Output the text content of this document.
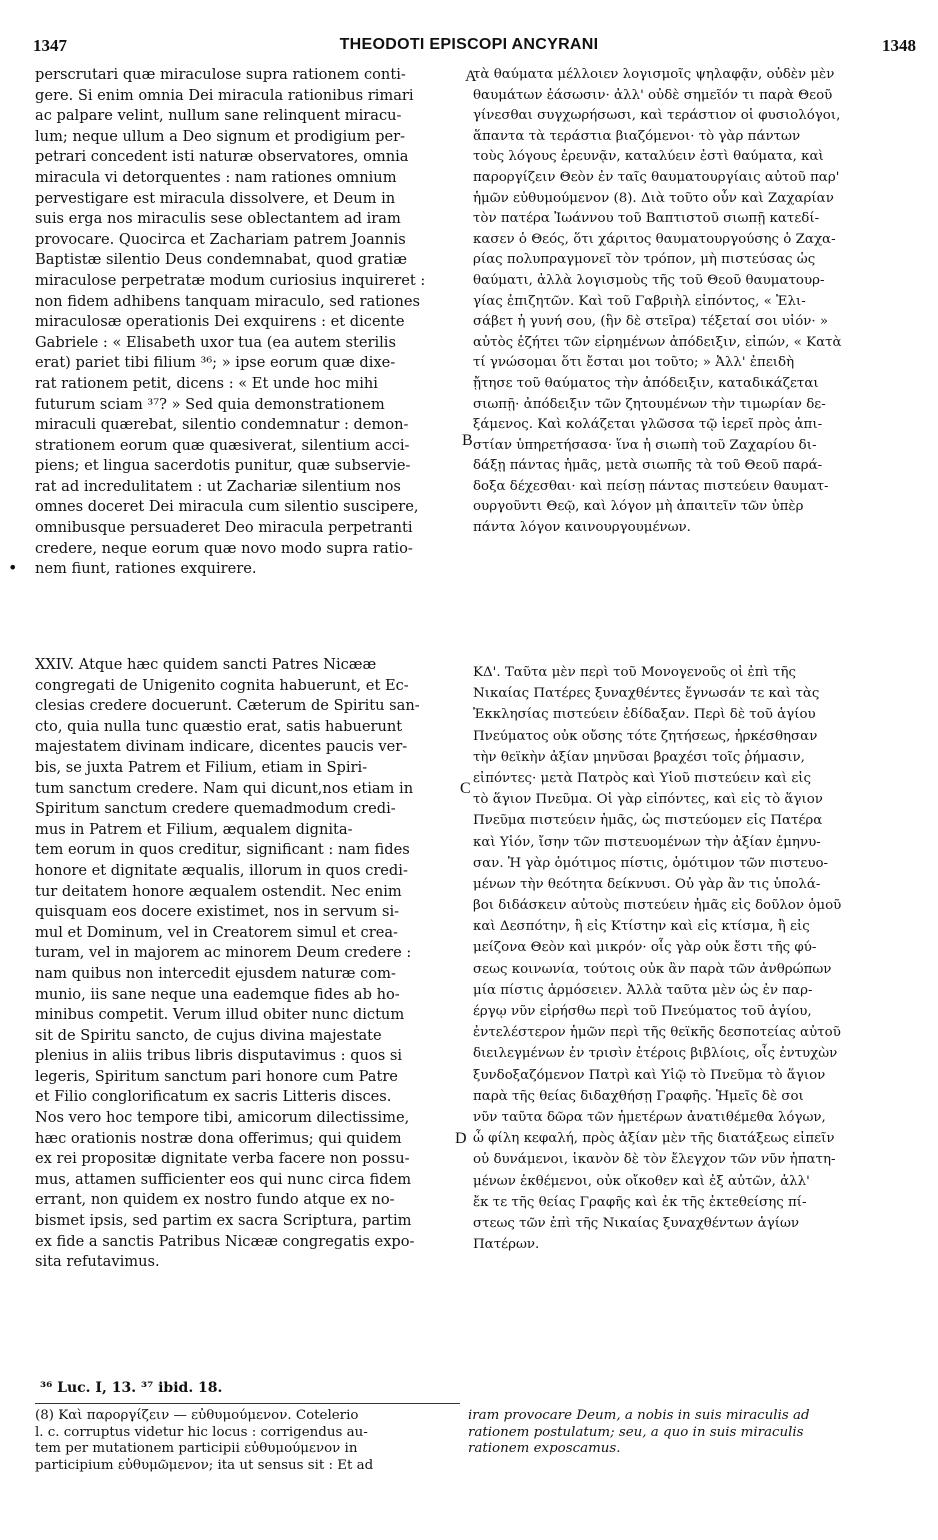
1347	THEODOTI EPISCOPI ANCYRANI	1348
A
B
C
D
•
perscrutari quæ miraculose supra rationem conti-
gere. Si enim omnia Dei miracula rationibus rimari
ac palpare velint, nullum sane relinquent miracu-
lum; neque ullum a Deo signum et prodigium per-
petrari concedent isti naturæ observatores, omnia
miracula vi detorquentes : nam rationes omnium
pervestigare est miracula dissolvere, et Deum in
suis erga nos miraculis sese oblectantem ad iram
provocare. Quocirca et Zachariam patrem Joannis
Baptistæ silentio Deus condemnabat, quod gratiæ
miraculose perpetratæ modum curiosius inquireret :
non fidem adhibens tanquam miraculo, sed rationes
miraculosæ operationis Dei exquirens : et dicente
Gabriele : « Elisabeth uxor tua (ea autem sterilis
erat) pariet tibi filium ³⁶; » ipse eorum quæ dixe-
rat rationem petit, dicens : « Et unde hoc mihi
futurum sciam ³⁷? » Sed quia demonstrationem
miraculi quærebat, silentio condemnatur : demon-
strationem eorum quæ quæsiverat, silentium acci-
piens; et lingua sacerdotis punitur, quæ subservie-
rat ad incredulitatem : ut Zachariæ silentium nos
omnes doceret Dei miracula cum silentio suscipere,
omnibusque persuaderet Deo miracula perpetranti
credere, neque eorum quæ novo modo supra ratio-
nem fiunt, rationes exquirere.
τὰ θαύματα μέλλοιεν λογισμοῖς ψηλαφᾷν, οὐδὲν μὲν
θαυμάτων ἐάσωσιν· ἀλλ' οὐδὲ σημεῖόν τι παρὰ Θεοῦ
γίνεσθαι συγχωρήσωσι, καὶ τεράστιον οἱ φυσιολόγοι,
ἅπαντα τὰ τεράστια βιαζόμενοι· τὸ γὰρ πάντων
τοὺς λόγους ἐρευνᾷν, καταλύειν ἐστὶ θαύματα, καὶ
παροργίζειν Θεὸν ἐν ταῖς θαυματουργίαις αὐτοῦ παρ'
ἡμῶν εὐθυμούμενον (8). Διὰ τοῦτο οὖν καὶ Ζαχαρίαν
τὸν πατέρα Ἰωάννου τοῦ Βαπτιστοῦ σιωπῇ κατεδί-
κασεν ὁ Θεός, ὅτι χάριτος θαυματουργούσης ὁ Ζαχα-
ρίας πολυπραγμονεῖ τὸν τρόπον, μὴ πιστεύσας ὡς
θαύματι, ἀλλὰ λογισμοὺς τῆς τοῦ Θεοῦ θαυματουρ-
γίας ἐπιζητῶν. Καὶ τοῦ Γαβριὴλ εἰπόντος, « Ἐλι-
σάβετ ἡ γυνή σου, (ἣν δὲ στεῖρα) τέξεταί σοι υἱόν· »
αὐτὸς ἐζήτει τῶν εἰρημένων ἀπόδειξιν, εἰπών, « Κατὰ
τί γνώσομαι ὅτι ἔσται μοι τοῦτο; » Ἀλλ' ἐπειδὴ
ᾔτησε τοῦ θαύματος τὴν ἀπόδειξιν, καταδικάζεται
σιωπῇ· ἀπόδειξιν τῶν ζητουμένων τὴν τιμωρίαν δε-
ξάμενος. Καὶ κολάζεται γλῶσσα τῷ ἱερεῖ πρὸς ἀπι-
στίαν ὑπηρετήσασα· ἵνα ἡ σιωπὴ τοῦ Ζαχαρίου δι-
δάξῃ πάντας ἡμᾶς, μετὰ σιωπῆς τὰ τοῦ Θεοῦ παρά-
δοξα δέχεσθαι· καὶ πείσῃ πάντας πιστεύειν θαυματ-
ουργοῦντι Θεῷ, καὶ λόγον μὴ ἀπαιτεῖν τῶν ὑπὲρ
πάντα λόγον καινουργουμένων.
XXIV. Atque hæc quidem sancti Patres Nicææ
congregati de Unigenito cognita habuerunt, et Ec-
clesias credere docuerunt. Cæterum de Spiritu san-
cto, quia nulla tunc quæstio erat, satis habuerunt
majestatem divinam indicare, dicentes paucis ver-
bis, se juxta Patrem et Filium, etiam in Spiri-
tum sanctum credere. Nam qui dicunt,nos etiam in
Spiritum sanctum credere quemadmodum credi-
mus in Patrem et Filium, æqualem dignita-
tem eorum in quos creditur, significant : nam fides
honore et dignitate æqualis, illorum in quos credi-
tur deitatem honore æqualem ostendit. Nec enim
quisquam eos docere existimet, nos in servum si-
mul et Dominum, vel in Creatorem simul et crea-
turam, vel in majorem ac minorem Deum credere :
nam quibus non intercedit ejusdem naturæ com-
munio, iis sane neque una eademque fides ab ho-
minibus competit. Verum illud obiter nunc dictum
sit de Spiritu sancto, de cujus divina majestate
plenius in aliis tribus libris disputavimus : quos si
legeris, Spiritum sanctum pari honore cum Patre
et Filio conglorificatum ex sacris Litteris disces.
Nos vero hoc tempore tibi, amicorum dilectissime,
hæc orationis nostræ dona offerimus; qui quidem
ex rei propositæ dignitate verba facere non possu-
mus, attamen sufficienter eos qui nunc circa fidem
errant, non quidem ex nostro fundo atque ex no-
bismet ipsis, sed partim ex sacra Scriptura, partim
ex fide a sanctis Patribus Nicææ congregatis expo-
sita refutavimus.
ΚΔ'. Ταῦτα μὲν περὶ τοῦ Μονογενοῦς οἱ ἐπὶ τῆς
Νικαίας Πατέρες ξυναχθέντες ἔγνωσάν τε καὶ τὰς
Ἐκκλησίας πιστεύειν ἐδίδαξαν. Περὶ δὲ τοῦ ἁγίου
Πνεύματος οὐκ οὔσης τότε ζητήσεως, ἠρκέσθησαν
τὴν θεϊκὴν ἀξίαν μηνῦσαι βραχέσι τοῖς ῥήμασιν,
εἰπόντες· μετὰ Πατρὸς καὶ Υἱοῦ πιστεύειν καὶ εἰς
τὸ ἅγιον Πνεῦμα. Οἱ γὰρ εἰπόντες, καὶ εἰς τὸ ἅγιον
Πνεῦμα πιστεύειν ἡμᾶς, ὡς πιστεύομεν εἰς Πατέρα
καὶ Υἱόν, ἴσην τῶν πιστευομένων τὴν ἀξίαν ἐμηνυ-
σαν. Ἡ γὰρ ὁμότιμος πίστις, ὁμότιμον τῶν πιστευο-
μένων τὴν θεότητα δείκνυσι. Οὐ γὰρ ἂν τις ὑπολά-
βοι διδάσκειν αὐτοὺς πιστεύειν ἡμᾶς εἰς δοῦλον ὁμοῦ
καὶ Δεσπότην, ἢ εἰς Κτίστην καὶ εἰς κτίσμα, ἢ εἰς
μείζονα Θεὸν καὶ μικρόν· οἷς γὰρ οὐκ ἔστι τῆς φύ-
σεως κοινωνία, τούτοις οὐκ ἂν παρὰ τῶν ἀνθρώπων
μία πίστις ἁρμόσειεν. Ἀλλὰ ταῦτα μὲν ὡς ἐν παρ-
έργῳ νῦν εἰρήσθω περὶ τοῦ Πνεύματος τοῦ ἁγίου,
ἐντελέστερον ἡμῶν περὶ τῆς θεϊκῆς δεσποτείας αὐτοῦ
διειλεγμένων ἐν τρισὶν ἑτέροις βιβλίοις, οἷς ἐντυχὼν
ξυνδοξαζόμενον Πατρὶ καὶ Υἱῷ τὸ Πνεῦμα τὸ ἅγιον
παρὰ τῆς θείας διδαχθήσῃ Γραφῆς. Ἡμεῖς δὲ σοι
νῦν ταῦτα δῶρα τῶν ἡμετέρων ἀνατιθέμεθα λόγων,
ὦ φίλη κεφαλή, πρὸς ἀξίαν μὲν τῆς διατάξεως εἰπεῖν
οὐ δυνάμενοι, ἱκανὸν δὲ τὸν ἔλεγχον τῶν νῦν ἠπατη-
μένων ἐκθέμενοι, οὐκ οἴκοθεν καὶ ἐξ αὐτῶν, ἀλλ'
ἔκ τε τῆς θείας Γραφῆς καὶ ἐκ τῆς ἐκτεθείσης πί-
στεως τῶν ἐπὶ τῆς Νικαίας ξυναχθέντων ἁγίων
Πατέρων.
³⁶ Luc. I, 13. ³⁷ ibid. 18.
(8) Καὶ παροργίζειν — εὐθυμούμενον. Cotelerio
l. c. corruptus videtur hic locus : corrigendus au-
tem per mutationem participii εὐθυμούμενον in
participium εὐθυμῶμενον; ita ut sensus sit : Et ad
iram provocare Deum, a nobis in suis miraculis ad
rationem postulatum; seu, a quo in suis miraculis
rationem exposcamus.
